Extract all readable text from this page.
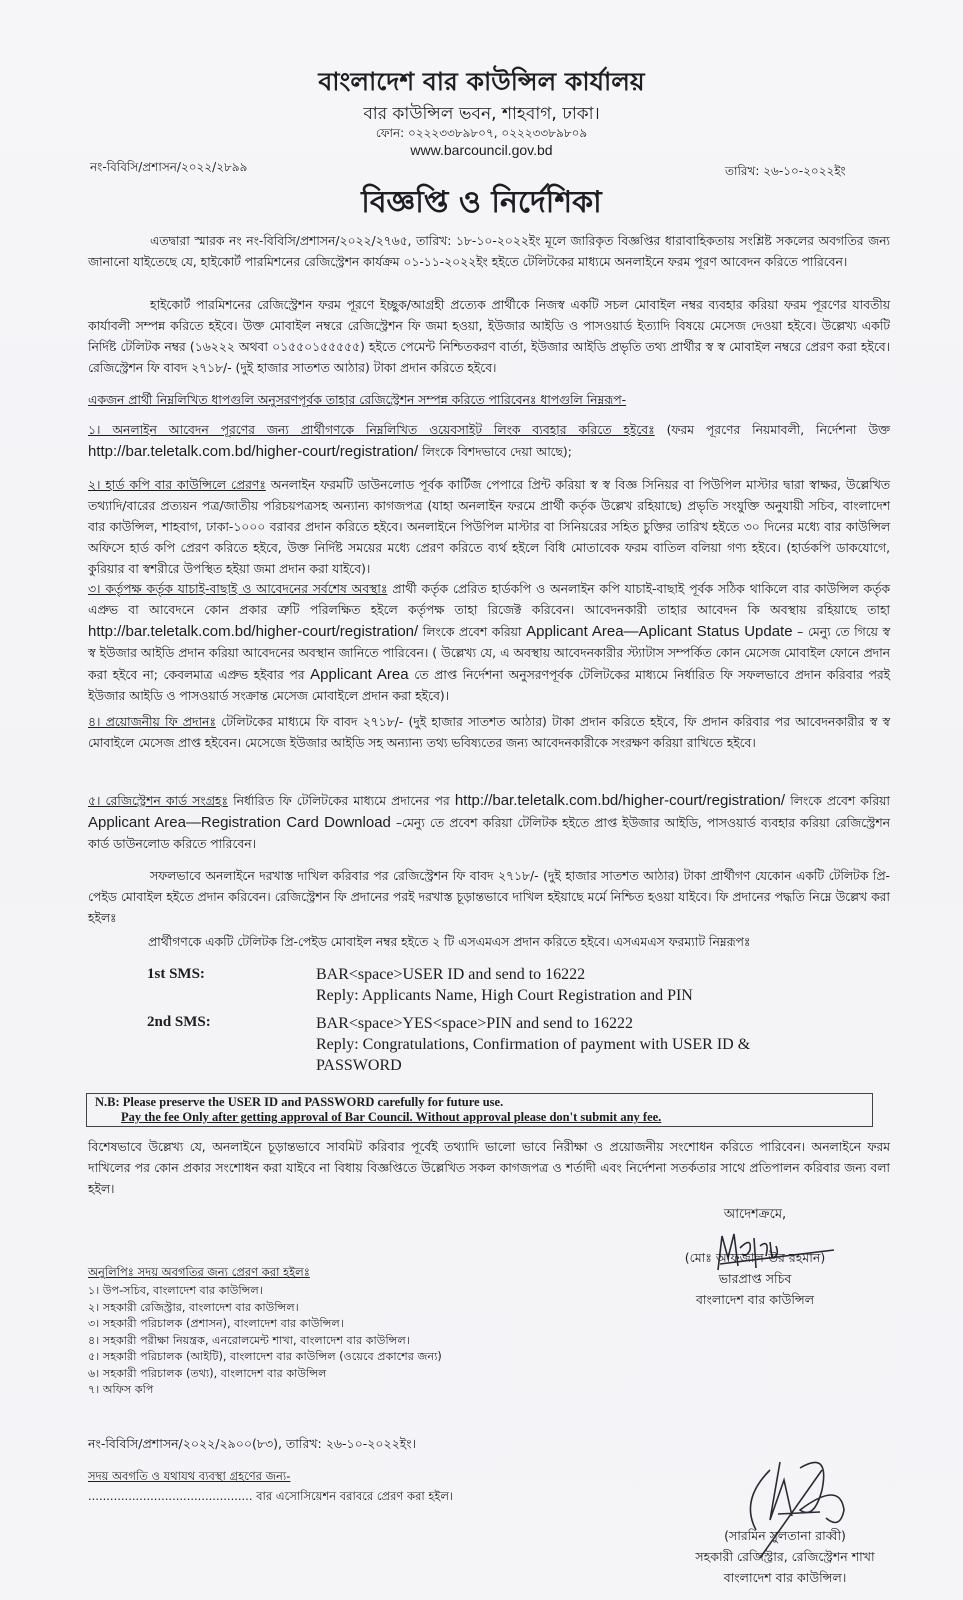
বাংলাদেশ বার কাউন্সিল কার্যালয়
বার কাউন্সিল ভবন, শাহবাগ, ঢাকা।
ফোন: ০২২২৩৩৮৯৮০৭, ০২২২৩৩৮৯৮০৯
www.barcouncil.gov.bd
নং-বিবিসি/প্রশাসন/২০২২/২৮৯৯	তারিখ: ২৬-১০-২০২২ইং
বিজ্ঞপ্তি ও নির্দেশিকা
এতদ্বারা স্মারক নং নং-বিবিসি/প্রশাসন/২০২২/২৭৬৫, তারিখ: ১৮-১০-২০২২ইং মূলে জারিকৃত বিজ্ঞপ্তির ধারাবাহিকতায় সংশ্লিষ্ট সকলের অবগতির জন্য জানানো যাইতেছে যে, হাইকোর্ট পারমিশনের রেজিস্ট্রেশন কার্যক্রম ০১-১১-২০২২ইং হইতে টেলিটকের মাধ্যমে অনলাইনে ফরম পূরণ আবেদন করিতে পারিবেন।
হাইকোর্ট পারমিশনের রেজিস্ট্রেশন ফরম পূরণে ইচ্ছুক/আগ্রহী প্রত্যেক প্রার্থীকে নিজস্ব একটি সচল মোবাইল নম্বর ব্যবহার করিয়া ফরম পূরণের যাবতীয় কার্যাবলী সম্পন্ন করিতে হইবে। উক্ত মোবাইল নম্বরে রেজিস্ট্রেশন ফি জমা হওয়া, ইউজার আইডি ও পাসওয়ার্ড ইত্যাদি বিষয়ে মেসেজ দেওয়া হইবে। উল্লেখ্য একটি নির্দিষ্ট টেলিটক নম্বর (১৬২২২ অথবা ০১৫৫০১৫৫৫৫৫) হইতে পেমেন্ট নিশ্চিতকরণ বার্তা, ইউজার আইডি প্রভৃতি তথ্য প্রার্থীর স্ব স্ব মোবাইল নম্বরে প্রেরণ করা হইবে। রেজিস্ট্রেশন ফি বাবদ ২৭১৮/- (দুই হাজার সাতশত আঠার) টাকা প্রদান করিতে হইবে।
একজন প্রার্থী নিম্নলিখিত ধাপগুলি অনুসরণপূর্বক তাহার রেজিস্ট্রেশন সম্পন্ন করিতে পারিবেনঃ ধাপগুলি নিম্নরূপ-
১। অনলাইন আবেদন পূরণের জন্য প্রার্থীগণকে নিম্নলিখিত ওয়েবসাইট লিংক ব্যবহার করিতে হইবেঃ (ফরম পূরণের নিয়মাবলী, নির্দেশনা উক্ত http://bar.teletalk.com.bd/higher-court/registration/ লিংকে বিশদভাবে দেয়া আছে);
২। হার্ড কপি বার কাউন্সিলে প্রেরণঃ অনলাইন ফরমটি ডাউনলোড পূর্বক কার্টিজ পেপারে প্রিন্ট করিয়া স্ব স্ব বিজ্ঞ সিনিয়র বা পিউপিল মাস্টার দ্বারা স্বাক্ষর, উল্লেখিত তথ্যাদি/বারের প্রত্যয়ন পত্র/জাতীয় পরিচয়পত্রসহ অন্যান্য কাগজপত্র (যাহা অনলাইন ফরমে প্রার্থী কর্তৃক উল্লেখ রহিয়াছে) প্রভৃতি সংযুক্তি অনুযায়ী সচিব, বাংলাদেশ বার কাউন্সিল, শাহবাগ, ঢাকা-১০০০ বরাবর প্রদান করিতে হইবে। অনলাইনে পিউপিল মাস্টার বা সিনিয়রের সহিত চুক্তির তারিখ হইতে ৩০ দিনের মধ্যে বার কাউন্সিল অফিসে হার্ড কপি প্রেরণ করিতে হইবে, উক্ত নির্দিষ্ট সময়ের মধ্যে প্রেরণ করিতে ব্যর্থ হইলে বিধি মোতাবেক ফরম বাতিল বলিয়া গণ্য হইবে। (হার্ডকপি ডাকযোগে, কুরিয়ার বা স্বশরীরে উপস্থিত হইয়া জমা প্রদান করা যাইবে)।
৩। কর্তৃপক্ষ কর্তৃক যাচাই-বাছাই ও আবেদনের সর্বশেষ অবস্থাঃ প্রার্থী কর্তৃক প্রেরিত হার্ডকপি ও অনলাইন কপি যাচাই-বাছাই পূর্বক সঠিক থাকিলে বার কাউন্সিল কর্তৃক এপ্রুভ বা আবেদনে কোন প্রকার ত্রুটি পরিলক্ষিত হইলে কর্তৃপক্ষ তাহা রিজেক্ট করিবেন। আবেদনকারী তাহার আবেদন কি অবস্থায় রহিয়াছে তাহা http://bar.teletalk.com.bd/higher-court/registration/ লিংকে প্রবেশ করিয়া Applicant Area—Aplicant Status Update – মেন্যু তে গিয়ে স্ব স্ব ইউজার আইডি প্রদান করিয়া আবেদনের অবস্থান জানিতে পারিবেন। ( উল্লেখ্য যে, এ অবস্থায় আবেদনকারীর স্ট্যাটাস সম্পর্কিত কোন মেসেজ মোবাইল ফোনে প্রদান করা হইবে না; কেবলমাত্র এপ্রুভ হইবার পর Applicant Area তে প্রাপ্ত নির্দেশনা অনুসরণপূর্বক টেলিটকের মাধ্যমে নির্ধারিত ফি সফলভাবে প্রদান করিবার পরই ইউজার আইডি ও পাসওয়ার্ড সংক্রান্ত মেসেজ মোবাইলে প্রদান করা হইবে)।
৪। প্রয়োজনীয় ফি প্রদানঃ টেলিটকের মাধ্যমে ফি বাবদ ২৭১৮/- (দুই হাজার সাতশত আঠার) টাকা প্রদান করিতে হইবে, ফি প্রদান করিবার পর আবেদনকারীর স্ব স্ব মোবাইলে মেসেজ প্রাপ্ত হইবেন। মেসেজে ইউজার আইডি সহ অন্যান্য তথ্য ভবিষ্যতের জন্য আবেদনকারীকে সংরক্ষণ করিয়া রাখিতে হইবে।
৫। রেজিস্ট্রেশন কার্ড সংগ্রহঃ নির্ধারিত ফি টেলিটকের মাধ্যমে প্রদানের পর http://bar.teletalk.com.bd/higher-court/registration/ লিংকে প্রবেশ করিয়া Applicant Area—Registration Card Download –মেন্যু তে প্রবেশ করিয়া টেলিটক হইতে প্রাপ্ত ইউজার আইডি, পাসওয়ার্ড ব্যবহার করিয়া রেজিস্ট্রেশন কার্ড ডাউনলোড করিতে পারিবেন।
সফলভাবে অনলাইনে দরখাস্ত দাখিল করিবার পর রেজিস্ট্রেশন ফি বাবদ ২৭১৮/- (দুই হাজার সাতশত আঠার) টাকা প্রার্থীগণ যেকোন একটি টেলিটক প্রি-পেইড মোবাইল হইতে প্রদান করিবেন। রেজিস্ট্রেশন ফি প্রদানের পরই দরখাস্ত চূড়ান্তভাবে দাখিল হইয়াছে মর্মে নিশ্চিত হওয়া যাইবে। ফি প্রদানের পদ্ধতি নিম্নে উল্লেখ করা হইলঃ
প্রার্থীগণকে একটি টেলিটক প্রি-পেইড মোবাইল নম্বর হইতে ২ টি এসএমএস প্রদান করিতে হইবে। এসএমএস ফরম্যাট নিম্নরূপঃ
1st SMS:	BAR<space>USER ID and send to 16222
Reply: Applicants Name, High Court Registration and PIN
2nd SMS:	BAR<space>YES<space>PIN and send to 16222
Reply: Congratulations, Confirmation of payment with USER ID &
PASSWORD
N.B: Please preserve the USER ID and PASSWORD carefully for future use.
Pay the fee Only after getting approval of Bar Council. Without approval please don't submit any fee.
বিশেষভাবে উল্লেখ্য যে, অনলাইনে চূড়ান্তভাবে সাবমিট করিবার পূর্বেই তথ্যাদি ভালো ভাবে নিরীক্ষা ও প্রয়োজনীয় সংশোধন করিতে পারিবেন। অনলাইনে ফরম দাখিলের পর কোন প্রকার সংশোধন করা যাইবে না বিধায় বিজ্ঞপ্তিতে উল্লেখিত সকল কাগজপত্র ও শর্তাদী এবং নির্দেশনা সতর্কতার সাথে প্রতিপালন করিবার জন্য বলা হইল।
আদেশক্রমে,
(মোঃ আফজাল-উর রহমান)
ভারপ্রাপ্ত সচিব
বাংলাদেশ বার কাউন্সিল
অনুলিপিঃ সদয় অবগতির জন্য প্রেরণ করা হইলঃ
১। উপ-সচিব, বাংলাদেশ বার কাউন্সিল।
২। সহকারী রেজিস্ট্রার, বাংলাদেশ বার কাউন্সিল।
৩। সহকারী পরিচালক (প্রশাসন), বাংলাদেশ বার কাউন্সিল।
৪। সহকারী পরীক্ষা নিয়ন্ত্রক, এনরোলমেন্ট শাখা, বাংলাদেশ বার কাউন্সিল।
৫। সহকারী পরিচালক (আইটি), বাংলাদেশ বার কাউন্সিল (ওয়েবে প্রকাশের জন্য)
৬। সহকারী পরিচালক (তথ্য), বাংলাদেশ বার কাউন্সিল
৭। অফিস কপি
নং-বিবিসি/প্রশাসন/২০২২/২৯০০(৮৩), তারিখ: ২৬-১০-২০২২ইং।
সদয় অবগতি ও যথাযথ ব্যবস্থা গ্রহণের জন্য-
............................................. বার এসোসিয়েশন বরাবরে প্রেরণ করা হইল।
(সারমিন সুলতানা রাব্বী)
সহকারী রেজিস্ট্রার, রেজিস্ট্রেশন শাখা
বাংলাদেশ বার কাউন্সিল।
